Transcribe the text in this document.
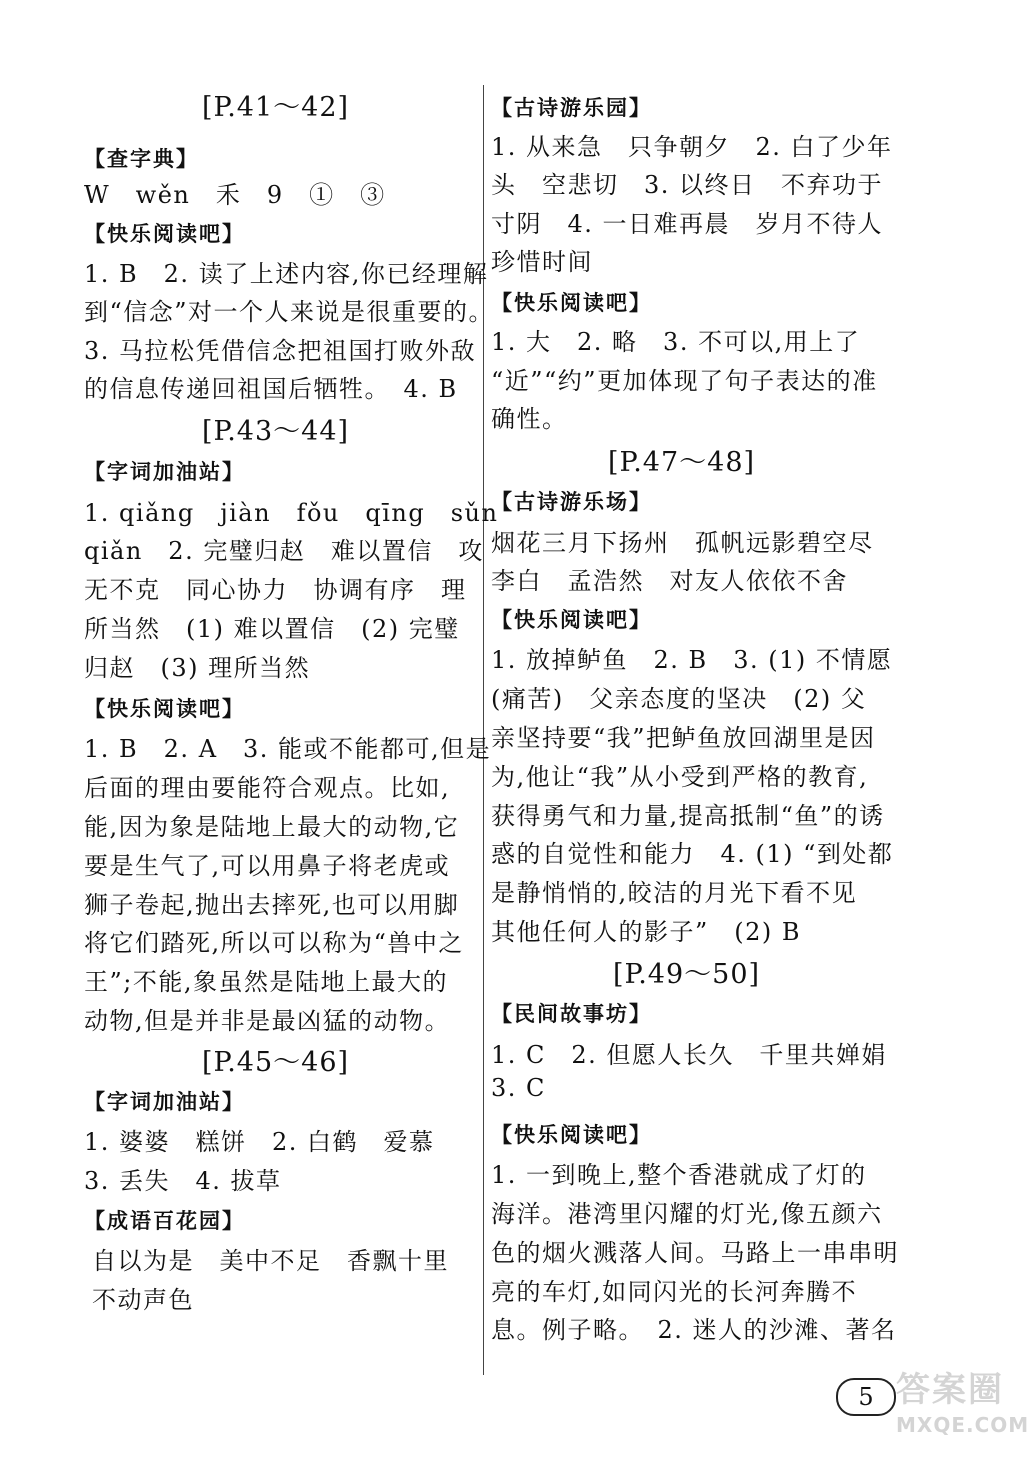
[P.41～42]
【查字典】
W　wěn　禾　9　①　③
【快乐阅读吧】
1. B　2. 读了上述内容,你已经理解
到“信念”对一个人来说是很重要的。
3. 马拉松凭借信念把祖国打败外敌
的信息传递回祖国后牺牲。　4. B
[P.43～44]
【字词加油站】
1. qiǎng　jiàn　fǒu　qīng　sǔn
qiǎn　2. 完璧归赵　难以置信　攻
无不克　同心协力　协调有序　理
所当然　(1) 难以置信　(2) 完璧
归赵　(3) 理所当然
【快乐阅读吧】
1. B　2. A　3. 能或不能都可,但是
后面的理由要能符合观点。比如,
能,因为象是陆地上最大的动物,它
要是生气了,可以用鼻子将老虎或
狮子卷起,抛出去摔死,也可以用脚
将它们踏死,所以可以称为“兽中之
王”;不能,象虽然是陆地上最大的
动物,但是并非是最凶猛的动物。
[P.45～46]
【字词加油站】
1. 婆婆　糕饼　2. 白鹤　爱慕
3. 丢失　4. 拔草
【成语百花园】
自以为是　美中不足　香飘十里
不动声色
【古诗游乐园】
1. 从来急　只争朝夕　2. 白了少年
头　空悲切　3. 以终日　不弃功于
寸阴　4. 一日难再晨　岁月不待人
珍惜时间
【快乐阅读吧】
1. 大　2. 略　3. 不可以,用上了
“近”“约”更加体现了句子表达的准
确性。
[P.47～48]
【古诗游乐场】
烟花三月下扬州　孤帆远影碧空尽
李白　孟浩然　对友人依依不舍
【快乐阅读吧】
1. 放掉鲈鱼　2. B　3. (1) 不情愿
(痛苦)　父亲态度的坚决　(2) 父
亲坚持要“我”把鲈鱼放回湖里是因
为,他让“我”从小受到严格的教育,
获得勇气和力量,提高抵制“鱼”的诱
惑的自觉性和能力　4. (1) “到处都
是静悄悄的,皎洁的月光下看不见
其他任何人的影子”　(2) B
[P.49～50]
【民间故事坊】
1. C　2. 但愿人长久　千里共婵娟
3. C
【快乐阅读吧】
1. 一到晚上,整个香港就成了灯的
海洋。港湾里闪耀的灯光,像五颜六
色的烟火溅落人间。马路上一串串明
亮的车灯,如同闪光的长河奔腾不
息。例子略。　2. 迷人的沙滩、著名
5 答案圈
MXQE.COM
